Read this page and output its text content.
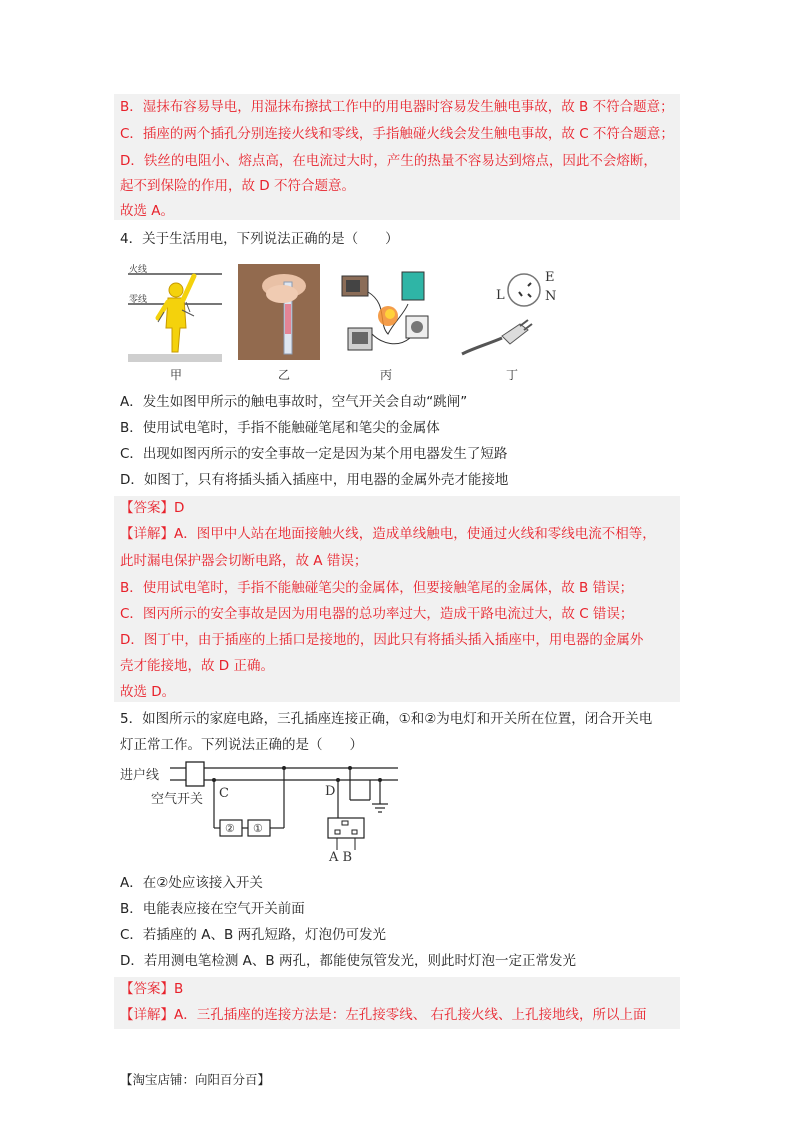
B．湿抹布容易导电，用湿抹布擦拭工作中的用电器时容易发生触电事故，故 B 不符合题意；
C．插座的两个插孔分别连接火线和零线，手指触碰火线会发生触电事故，故 C 不符合题意；
D．铁丝的电阻小、熔点高，在电流过大时，产生的热量不容易达到熔点，因此不会熔断，
起不到保险的作用，故 D 不符合题意。
故选 A。
4．关于生活用电，下列说法正确的是（　　）
火线
零线
E
L	N
甲	乙	丙	丁
A．发生如图甲所示的触电事故时，空气开关会自动“跳闸”
B．使用试电笔时，手指不能触碰笔尾和笔尖的金属体
C．出现如图丙所示的安全事故一定是因为某个用电器发生了短路
D．如图丁，只有将插头插入插座中，用电器的金属外壳才能接地
【答案】D
【详解】A．图甲中人站在地面接触火线，造成单线触电，使通过火线和零线电流不相等，
此时漏电保护器会切断电路，故 A 错误；
B．使用试电笔时，手指不能触碰笔尖的金属体，但要接触笔尾的金属体，故 B 错误；
C．图丙所示的安全事故是因为用电器的总功率过大，造成干路电流过大，故 C 错误；
D．图丁中，由于插座的上插口是接地的，因此只有将插头插入插座中，用电器的金属外
壳才能接地，故 D 正确。
故选 D。
5．如图所示的家庭电路，三孔插座连接正确，①和②为电灯和开关所在位置，闭合开关电
灯正常工作。下列说法正确的是（　　）
进户线
空气开关 C	D
② ①
A B
A．在②处应该接入开关
B．电能表应接在空气开关前面
C．若插座的 A、B 两孔短路，灯泡仍可发光
D．若用测电笔检测 A、B 两孔，都能使氖管发光，则此时灯泡一定正常发光
【答案】B
【详解】A．三孔插座的连接方法是：左孔接零线、 右孔接火线、上孔接地线，所以上面
【淘宝店铺：向阳百分百】
